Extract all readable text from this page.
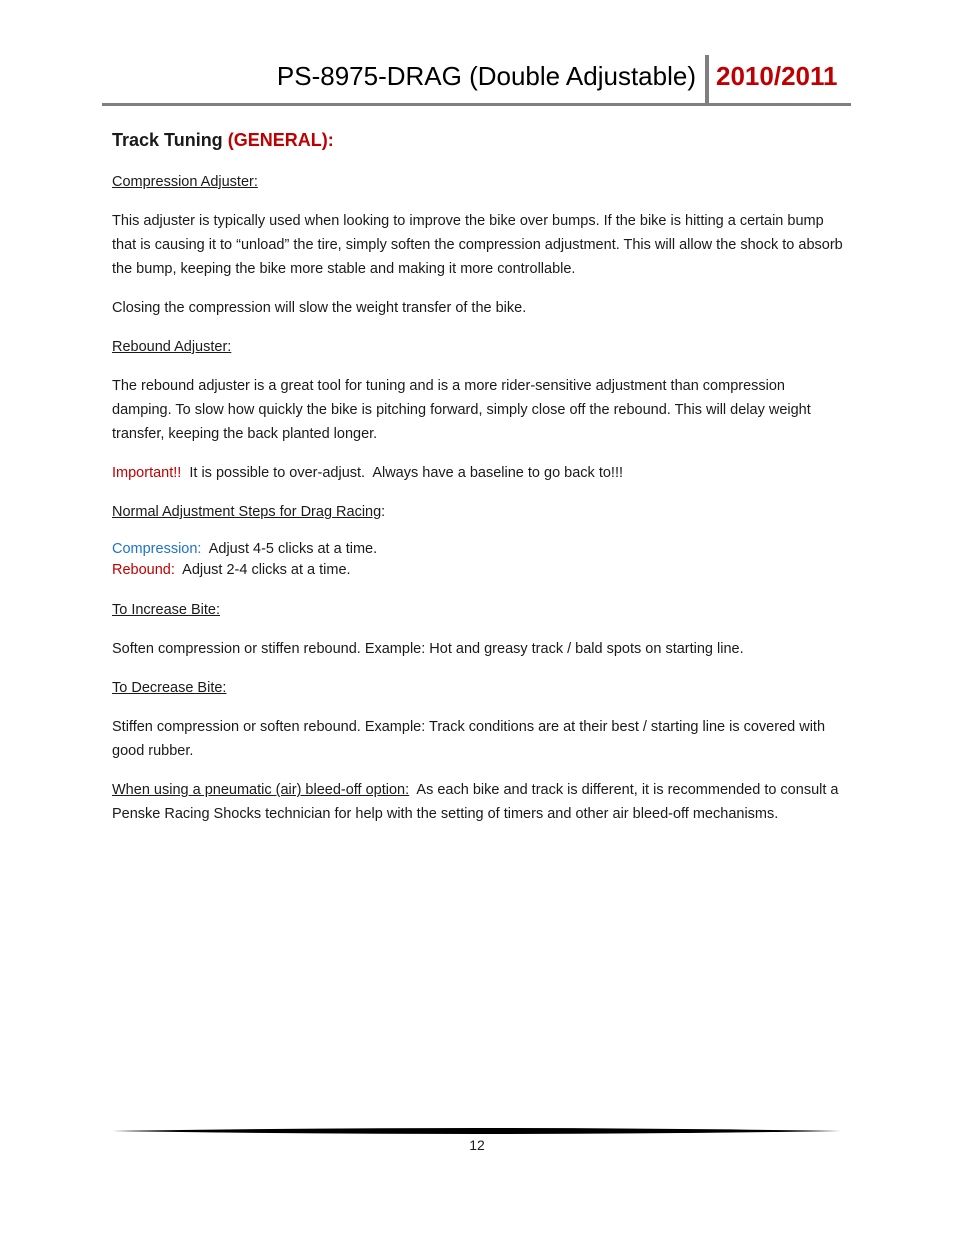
PS-8975-DRAG (Double Adjustable) 2010/2011
Track Tuning (GENERAL):

Compression Adjuster:

This adjuster is typically used when looking to improve the bike over bumps. If the bike is hitting a certain bump that is causing it to “unload” the tire, simply soften the compression adjustment. This will allow the shock to absorb the bump, keeping the bike more stable and making it more controllable.

Closing the compression will slow the weight transfer of the bike.

Rebound Adjuster:

The rebound adjuster is a great tool for tuning and is a more rider-sensitive adjustment than compression damping. To slow how quickly the bike is pitching forward, simply close off the rebound. This will delay weight transfer, keeping the back planted longer.

Important!!  It is possible to over-adjust.  Always have a baseline to go back to!!!

Normal Adjustment Steps for Drag Racing:

Compression:  Adjust 4-5 clicks at a time.
Rebound:  Adjust 2-4 clicks at a time.

To Increase Bite:

Soften compression or stiffen rebound. Example: Hot and greasy track / bald spots on starting line.

To Decrease Bite:

Stiffen compression or soften rebound. Example: Track conditions are at their best / starting line is covered with good rubber.

When using a pneumatic (air) bleed-off option:  As each bike and track is different, it is recommended to consult a Penske Racing Shocks technician for help with the setting of timers and other air bleed-off mechanisms.

12
